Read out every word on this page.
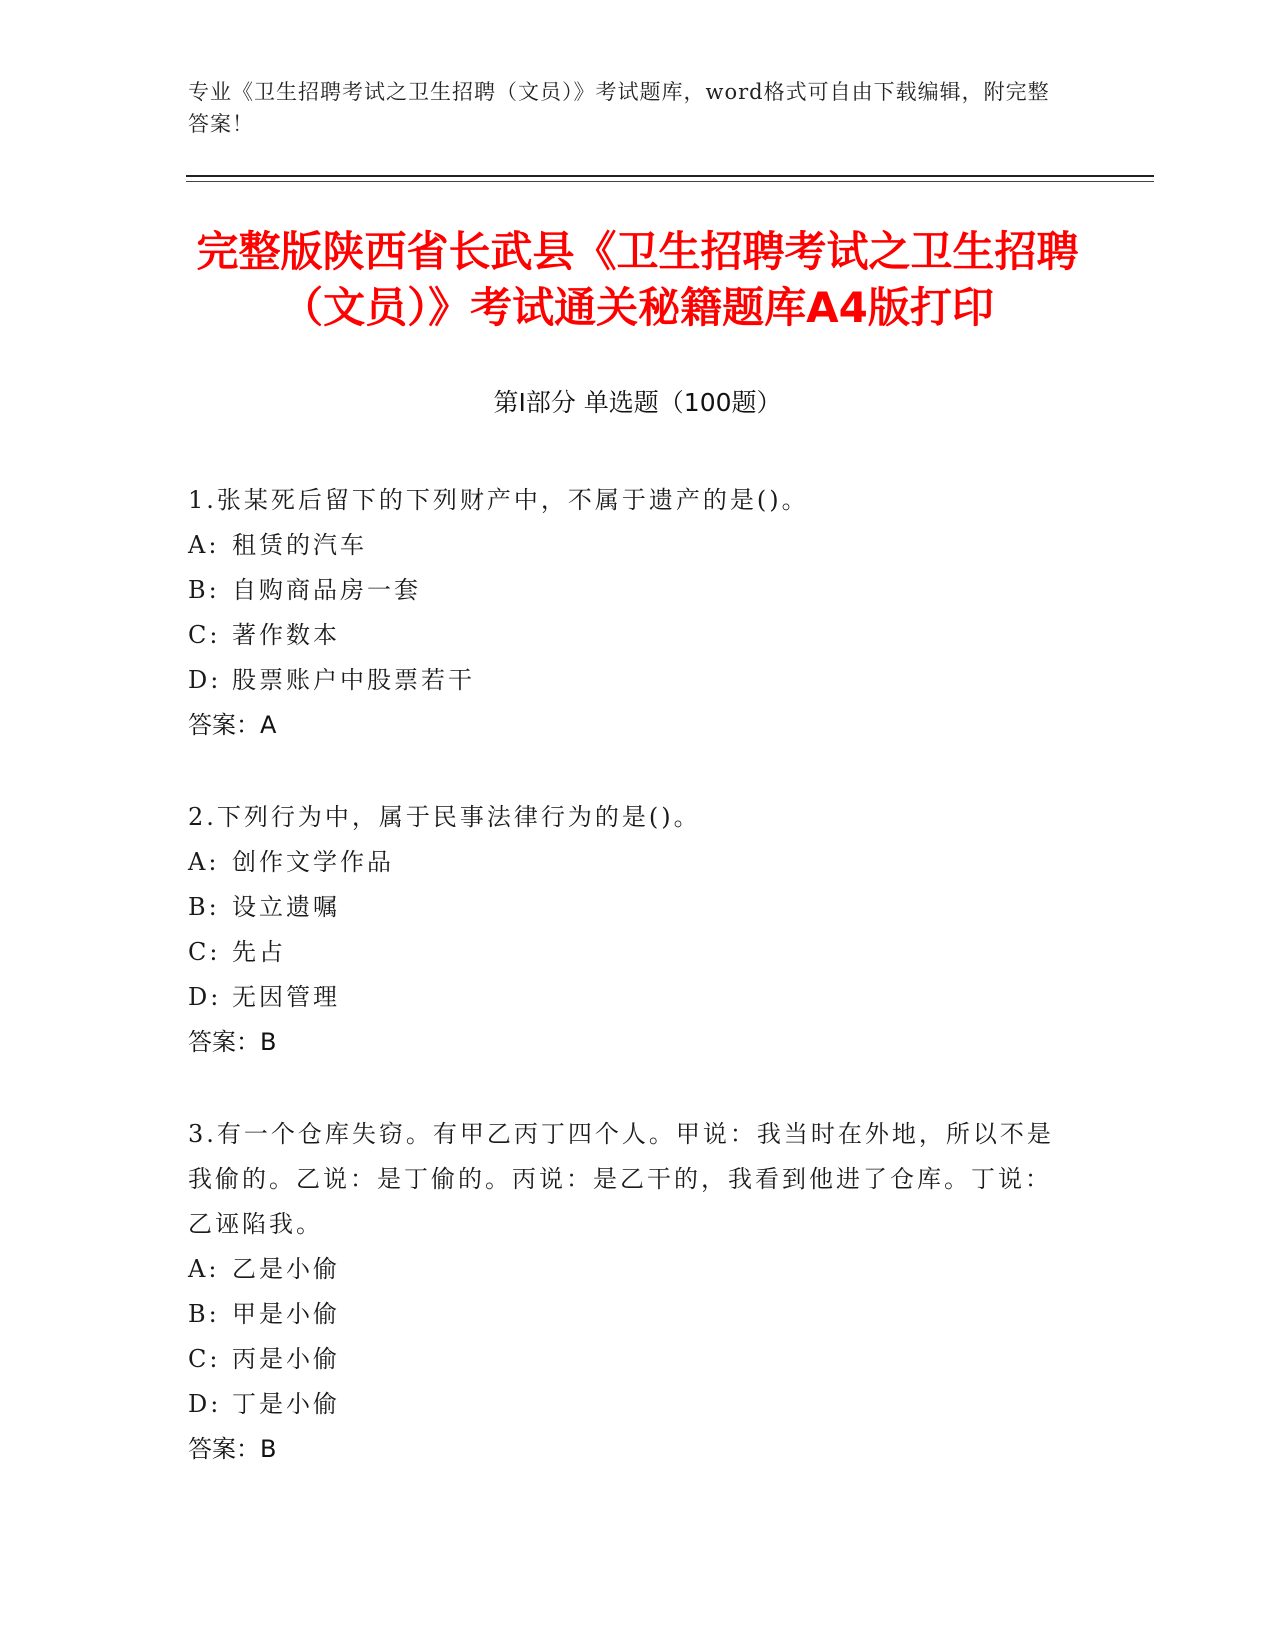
专业《卫生招聘考试之卫生招聘（文员）》考试题库，word格式可自由下载编辑，附完整答案！
完整版陕西省长武县《卫生招聘考试之卫生招聘（文员）》考试通关秘籍题库A4版打印
第Ⅰ部分 单选题（100题）
1 . 张某死后留下的下列财产中，不属于遗产的是()。
A: 租赁的汽车
B: 自购商品房一套
C: 著作数本
D: 股票账户中股票若干
答案：A
2 . 下列行为中，属于民事法律行为的是()。
A: 创作文学作品
B: 设立遗嘱
C: 先占
D: 无因管理
答案：B
3 . 有一个仓库失窃。有甲乙丙丁四个人。甲说：我当时在外地，所以不是我偷的。乙说：是丁偷的。丙说：是乙干的，我看到他进了仓库。丁说：乙诬陷我。
A: 乙是小偷
B: 甲是小偷
C: 丙是小偷
D: 丁是小偷
答案：B
